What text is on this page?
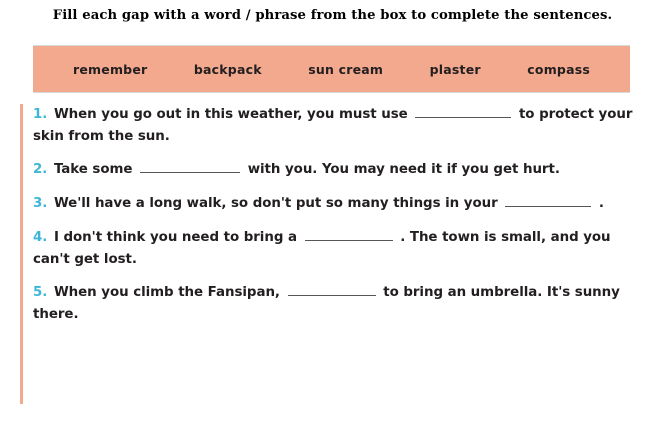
Fill each gap with a word / phrase from the box to complete the sentences.
remember	backpack	sun cream	plaster	compass
1. When you go out in this weather, you must use	to protect your skin from the sun.
2. Take some	with you. You may need it if you get hurt.
3. We'll have a long walk, so don't put so many things in your	.
4. I don't think you need to bring a	. The town is small, and you can't get lost.
5. When you climb the Fansipan,	to bring an umbrella. It's sunny there.
